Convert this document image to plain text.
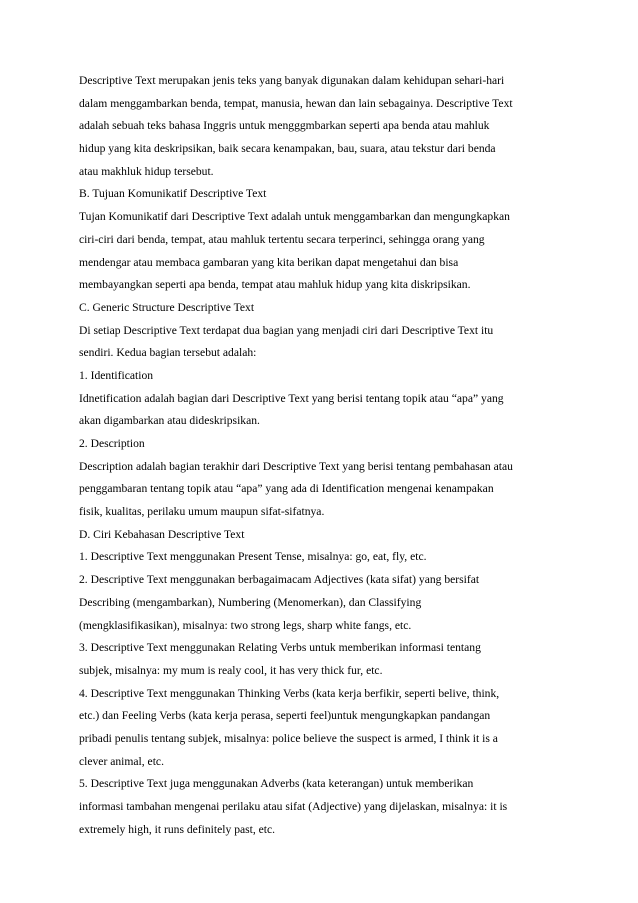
Descriptive Text merupakan jenis teks yang banyak digunakan dalam kehidupan sehari-hari
dalam menggambarkan benda, tempat, manusia, hewan dan lain sebagainya. Descriptive Text
adalah sebuah teks bahasa Inggris untuk mengggmbarkan seperti apa benda atau mahluk
hidup yang kita deskripsikan, baik secara kenampakan, bau, suara, atau tekstur dari benda
atau makhluk hidup tersebut.
B. Tujuan Komunikatif Descriptive Text
Tujan Komunikatif dari Descriptive Text adalah untuk menggambarkan dan mengungkapkan
ciri-ciri dari benda, tempat, atau mahluk tertentu secara terperinci, sehingga orang yang
mendengar atau membaca gambaran yang kita berikan dapat mengetahui dan bisa
membayangkan seperti apa benda, tempat atau mahluk hidup yang kita diskripsikan.
C. Generic Structure Descriptive Text
Di setiap Descriptive Text terdapat dua bagian yang menjadi ciri dari Descriptive Text itu
sendiri. Kedua bagian tersebut adalah:
1. Identification
Idnetification adalah bagian dari Descriptive Text yang berisi tentang topik atau “apa” yang
akan digambarkan atau dideskripsikan.
2. Description
Description adalah bagian terakhir dari Descriptive Text yang berisi tentang pembahasan atau
penggambaran tentang topik atau “apa” yang ada di Identification mengenai kenampakan
fisik, kualitas, perilaku umum maupun sifat-sifatnya.
D. Ciri Kebahasan Descriptive Text
1. Descriptive Text menggunakan Present Tense, misalnya: go, eat, fly, etc.
2. Descriptive Text menggunakan berbagaimacam Adjectives (kata sifat) yang bersifat
Describing (mengambarkan), Numbering (Menomerkan), dan Classifying
(mengklasifikasikan), misalnya: two strong legs, sharp white fangs, etc.
3. Descriptive Text menggunakan Relating Verbs untuk memberikan informasi tentang
subjek, misalnya: my mum is realy cool, it has very thick fur, etc.
4. Descriptive Text menggunakan Thinking Verbs (kata kerja berfikir, seperti belive, think,
etc.) dan Feeling Verbs (kata kerja perasa, seperti feel)untuk mengungkapkan pandangan
pribadi penulis tentang subjek, misalnya: police believe the suspect is armed, I think it is a
clever animal, etc.
5. Descriptive Text juga menggunakan Adverbs (kata keterangan) untuk memberikan
informasi tambahan mengenai perilaku atau sifat (Adjective) yang dijelaskan, misalnya: it is
extremely high, it runs definitely past, etc.
